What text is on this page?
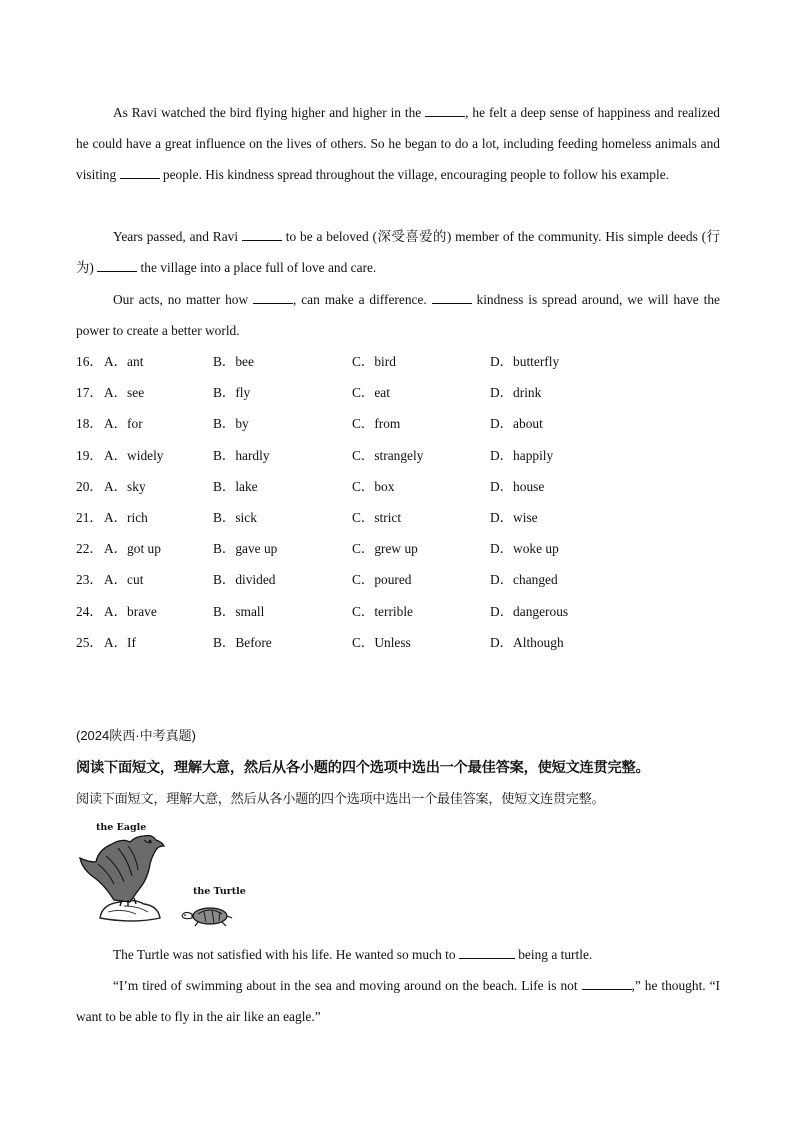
As Ravi watched the bird flying higher and higher in the	, he felt a deep sense of happiness and realized he could have a great influence on the lives of others. So he began to do a lot, including feeding homeless animals and visiting	people. His kindness spread throughout the village, encouraging people to follow his example.
Years passed, and Ravi	to be a beloved (深受喜爱的) member of the community. His simple deeds (行为)	the village into a place full of love and care.
Our acts, no matter how	, can make a difference.	kindness is spread around, we will have the power to create a better world.
16． A．ant	B．bee	C．bird	D．butterfly
17． A．see	B．fly	C．eat	D．drink
18． A．for	B．by	C．from	D．about
19． A．widely	B．hardly	C．strangely	D．happily
20． A．sky	B．lake	C．box	D．house
21． A．rich	B．sick	C．strict	D．wise
22． A．got up	B．gave up	C．grew up	D．woke up
23． A．cut	B．divided	C．poured	D．changed
24． A．brave	B．small	C．terrible	D．dangerous
25． A．If	B．Before	C．Unless	D．Although
(2024陕西·中考真题)
阅读下面短文，理解大意，然后从各小题的四个选项中选出一个最佳答案，使短文连贯完整。
阅读下面短文，理解大意，然后从各小题的四个选项中选出一个最佳答案，使短文连贯完整。
the Eagle
the Turtle
The Turtle was not satisfied with his life. He wanted so much to	being a turtle.
“I’m tired of swimming about in the sea and moving around on the beach. Life is not	,” he thought. “I want to be able to fly in the air like an eagle.”
